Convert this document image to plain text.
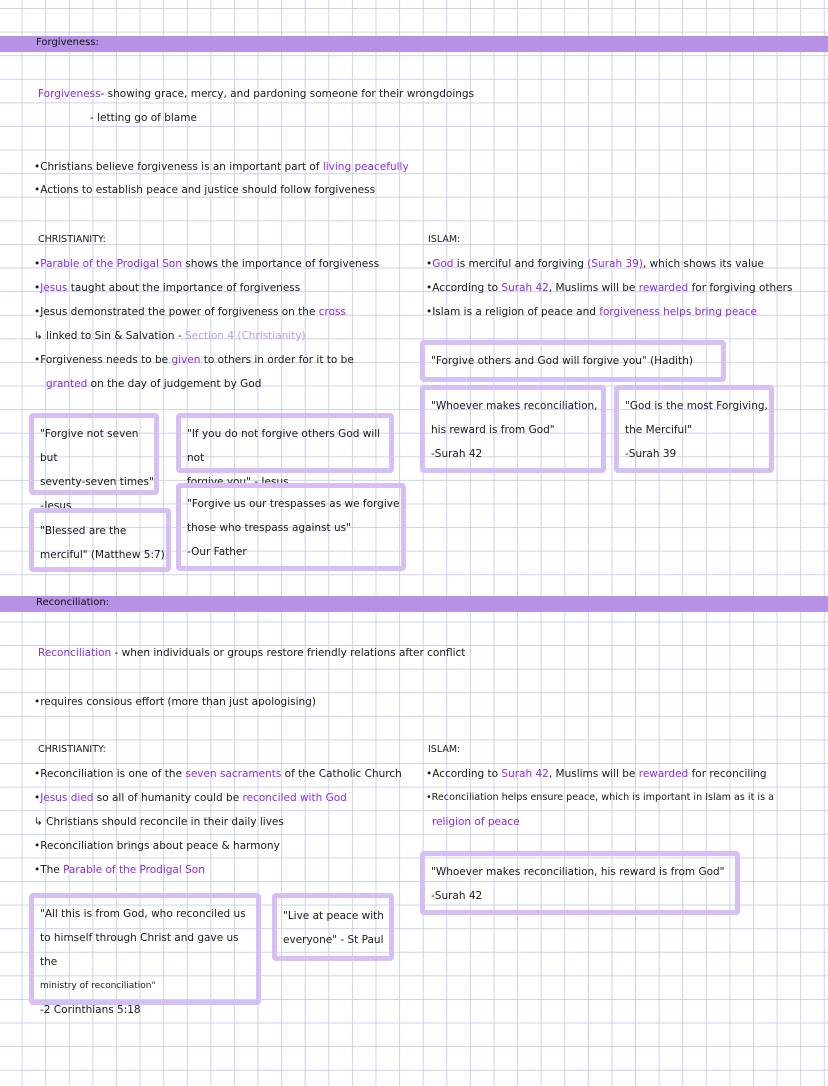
Forgiveness:
Forgiveness- showing grace, mercy, and pardoning someone for their wrongdoings
- letting go of blame
•Christians believe forgiveness is an important part of living peacefully
•Actions to establish peace and justice should follow forgiveness
CHRISTIANITY:
•Parable of the Prodigal Son shows the importance of forgiveness
•Jesus taught about the importance of forgiveness
•Jesus demonstrated the power of forgiveness on the cross
↳ linked to Sin & Salvation - Section 4 (Christianity)
•Forgiveness needs to be given to others in order for it to be
granted on the day of judgement by God
ISLAM:
•God is merciful and forgiving (Surah 39), which shows its value
•According to Surah 42, Muslims will be rewarded for forgiving others
•Islam is a religion of peace and forgiveness helps bring peace
"Forgive not seven but
seventy-seven times"
-Jesus
"If you do not forgive others God will not
forgive you" - Jesus
"Blessed are the
merciful" (Matthew 5:7)
"Forgive us our trespasses as we forgive
those who trespass against us"
-Our Father
"Forgive others and God will forgive you" (Hadith)
"Whoever makes reconciliation,
his reward is from God"
-Surah 42
"God is the most Forgiving,
the Merciful"
-Surah 39
Reconciliation:
Reconciliation - when individuals or groups restore friendly relations after conflict
•requires consious effort (more than just apologising)
CHRISTIANITY:
•Reconciliation is one of the seven sacraments of the Catholic Church
•Jesus died so all of humanity could be reconciled with God
↳ Christians should reconcile in their daily lives
•Reconciliation brings about peace & harmony
•The Parable of the Prodigal Son
ISLAM:
•According to Surah 42, Muslims will be rewarded for reconciling
•Reconciliation helps ensure peace, which is important in Islam as it is a
religion of peace
"All this is from God, who reconciled us
to himself through Christ and gave us the
ministry of reconciliation"
-2 Corinthians 5:18
"Live at peace with
everyone" - St Paul
"Whoever makes reconciliation, his reward is from God"
-Surah 42
